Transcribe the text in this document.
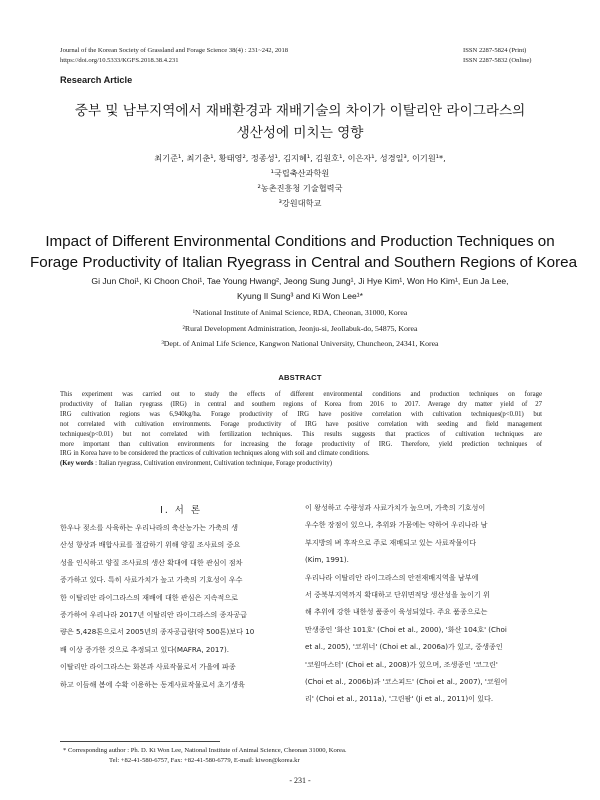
Journal of the Korean Society of Grassland and Forage Science 38(4) : 231~242, 2018
https://doi.org/10.5333/KGFS.2018.38.4.231
ISSN 2287-5824 (Print)
ISSN 2287-5832 (Online)
Research Article
중부 및 남부지역에서 재배환경과 재배기술의 차이가 이탈리안 라이그라스의
생산성에 미치는 영향
최기준¹, 최기춘¹, 황태영², 정종성¹, 김지혜¹, 김원호¹, 이은자¹, 성경일³, 이기원¹*,
¹국립축산과학원
²농촌진흥청 기술협력국
³강원대학교
Impact of Different Environmental Conditions and Production Techniques on
Forage Productivity of Italian Ryegrass in Central and Southern Regions of Korea
Gi Jun Choi¹, Ki Choon Choi¹, Tae Young Hwang², Jeong Sung Jung¹, Ji Hye Kim¹, Won Ho Kim¹, Eun Ja Lee,
Kyung Il Sung³ and Ki Won Lee¹*
¹National Institute of Animal Science, RDA, Cheonan, 31000, Korea
²Rural Development Administration, Jeonju-si, Jeollabuk-do, 54875, Korea
³Dept. of Animal Life Science, Kangwon National University, Chuncheon, 24341, Korea
ABSTRACT
This experiment was carried out to study the effects of different environmental conditions and production techniques on forage
productivity of Italian ryegrass (IRG) in central and southern regions of Korea from 2016 to 2017. Average dry matter yield of 27
IRG cultivation regions was 6,940kg/ha. Forage productivity of IRG have positive correlation with cultivation techniques(p<0.01) but
not correlated with cultivation environments. Forage productivity of IRG have positive correlation with seeding and field management
techniques(p<0.01) but not correlated with fertilization techniques. This results suggests that practices of cultivation techniques are
more important than cultivation environments for increasing the forage productivity of IRG. Therefore, yield prediction techniques of
IRG in Korea have to be considered the practices of cultivation techniques along with soil and climate conditions.
(Key words : Italian ryegrass, Cultivation environment, Cultivation technique, Forage productivity)
Ⅰ. 서 론
한우나 젖소를 사육하는 우리나라의 축산농가는 가축의 생
산성 향상과 배합사료를 절감하기 위해 양질 조사료의 중요
성을 인식하고 양질 조사료의 생산 확대에 대한 관심이 점차
증가하고 있다. 특히 사료가치가 높고 가축의 기호성이 우수
한 이탈리안 라이그라스의 재배에 대한 관심은 지속적으로
증가하여 우리나라 2017년 이탈리안 라이그라스의 종자공급
량은 5,428톤으로서 2005년의 종자공급량(약 500톤)보다 10
배 이상 증가한 것으로 추정되고 있다(MAFRA, 2017).
이탈리안 라이그라스는 화본과 사료작물로서 가을에 파종
하고 이듬해 봄에 수확 이용하는 동계사료작물로서 초기생육
이 왕성하고 수량성과 사료가치가 높으며, 가축의 기호성이
우수한 장점이 있으나, 추위와 가뭄에는 약하여 우리나라 남
부지방의 벼 후작으로 주로 재배되고 있는 사료작물이다
(Kim, 1991).
우리나라 이탈리안 라이그라스의 안전재배지역을 남부에
서 중북부지역까지 확대하고 단위면적당 생산성을 높이기 위
해 추위에 강한 내한성 품종이 육성되었다. 주요 품종으로는
만생종인 '화산 101호' (Choi et al., 2000), '화산 104호' (Choi
et al., 2005), '코위너' (Choi et al., 2006a)가 있고, 중생종인
'코원마스터' (Choi et al., 2008)가 있으며, 조생종인 '코그린'
(Choi et al., 2006b)과 '코스피드' (Choi et al., 2007), '코원어
리' (Choi et al., 2011a), '그린팜' (Ji et al., 2011)이 있다.
* Corresponding author : Ph. D. Ki Won Lee, National Institute of Animal Science, Cheonan 31000, Korea.
Tel: +82-41-580-6757, Fax: +82-41-580-6779, E-mail: kiwon@korea.kr
- 231 -
